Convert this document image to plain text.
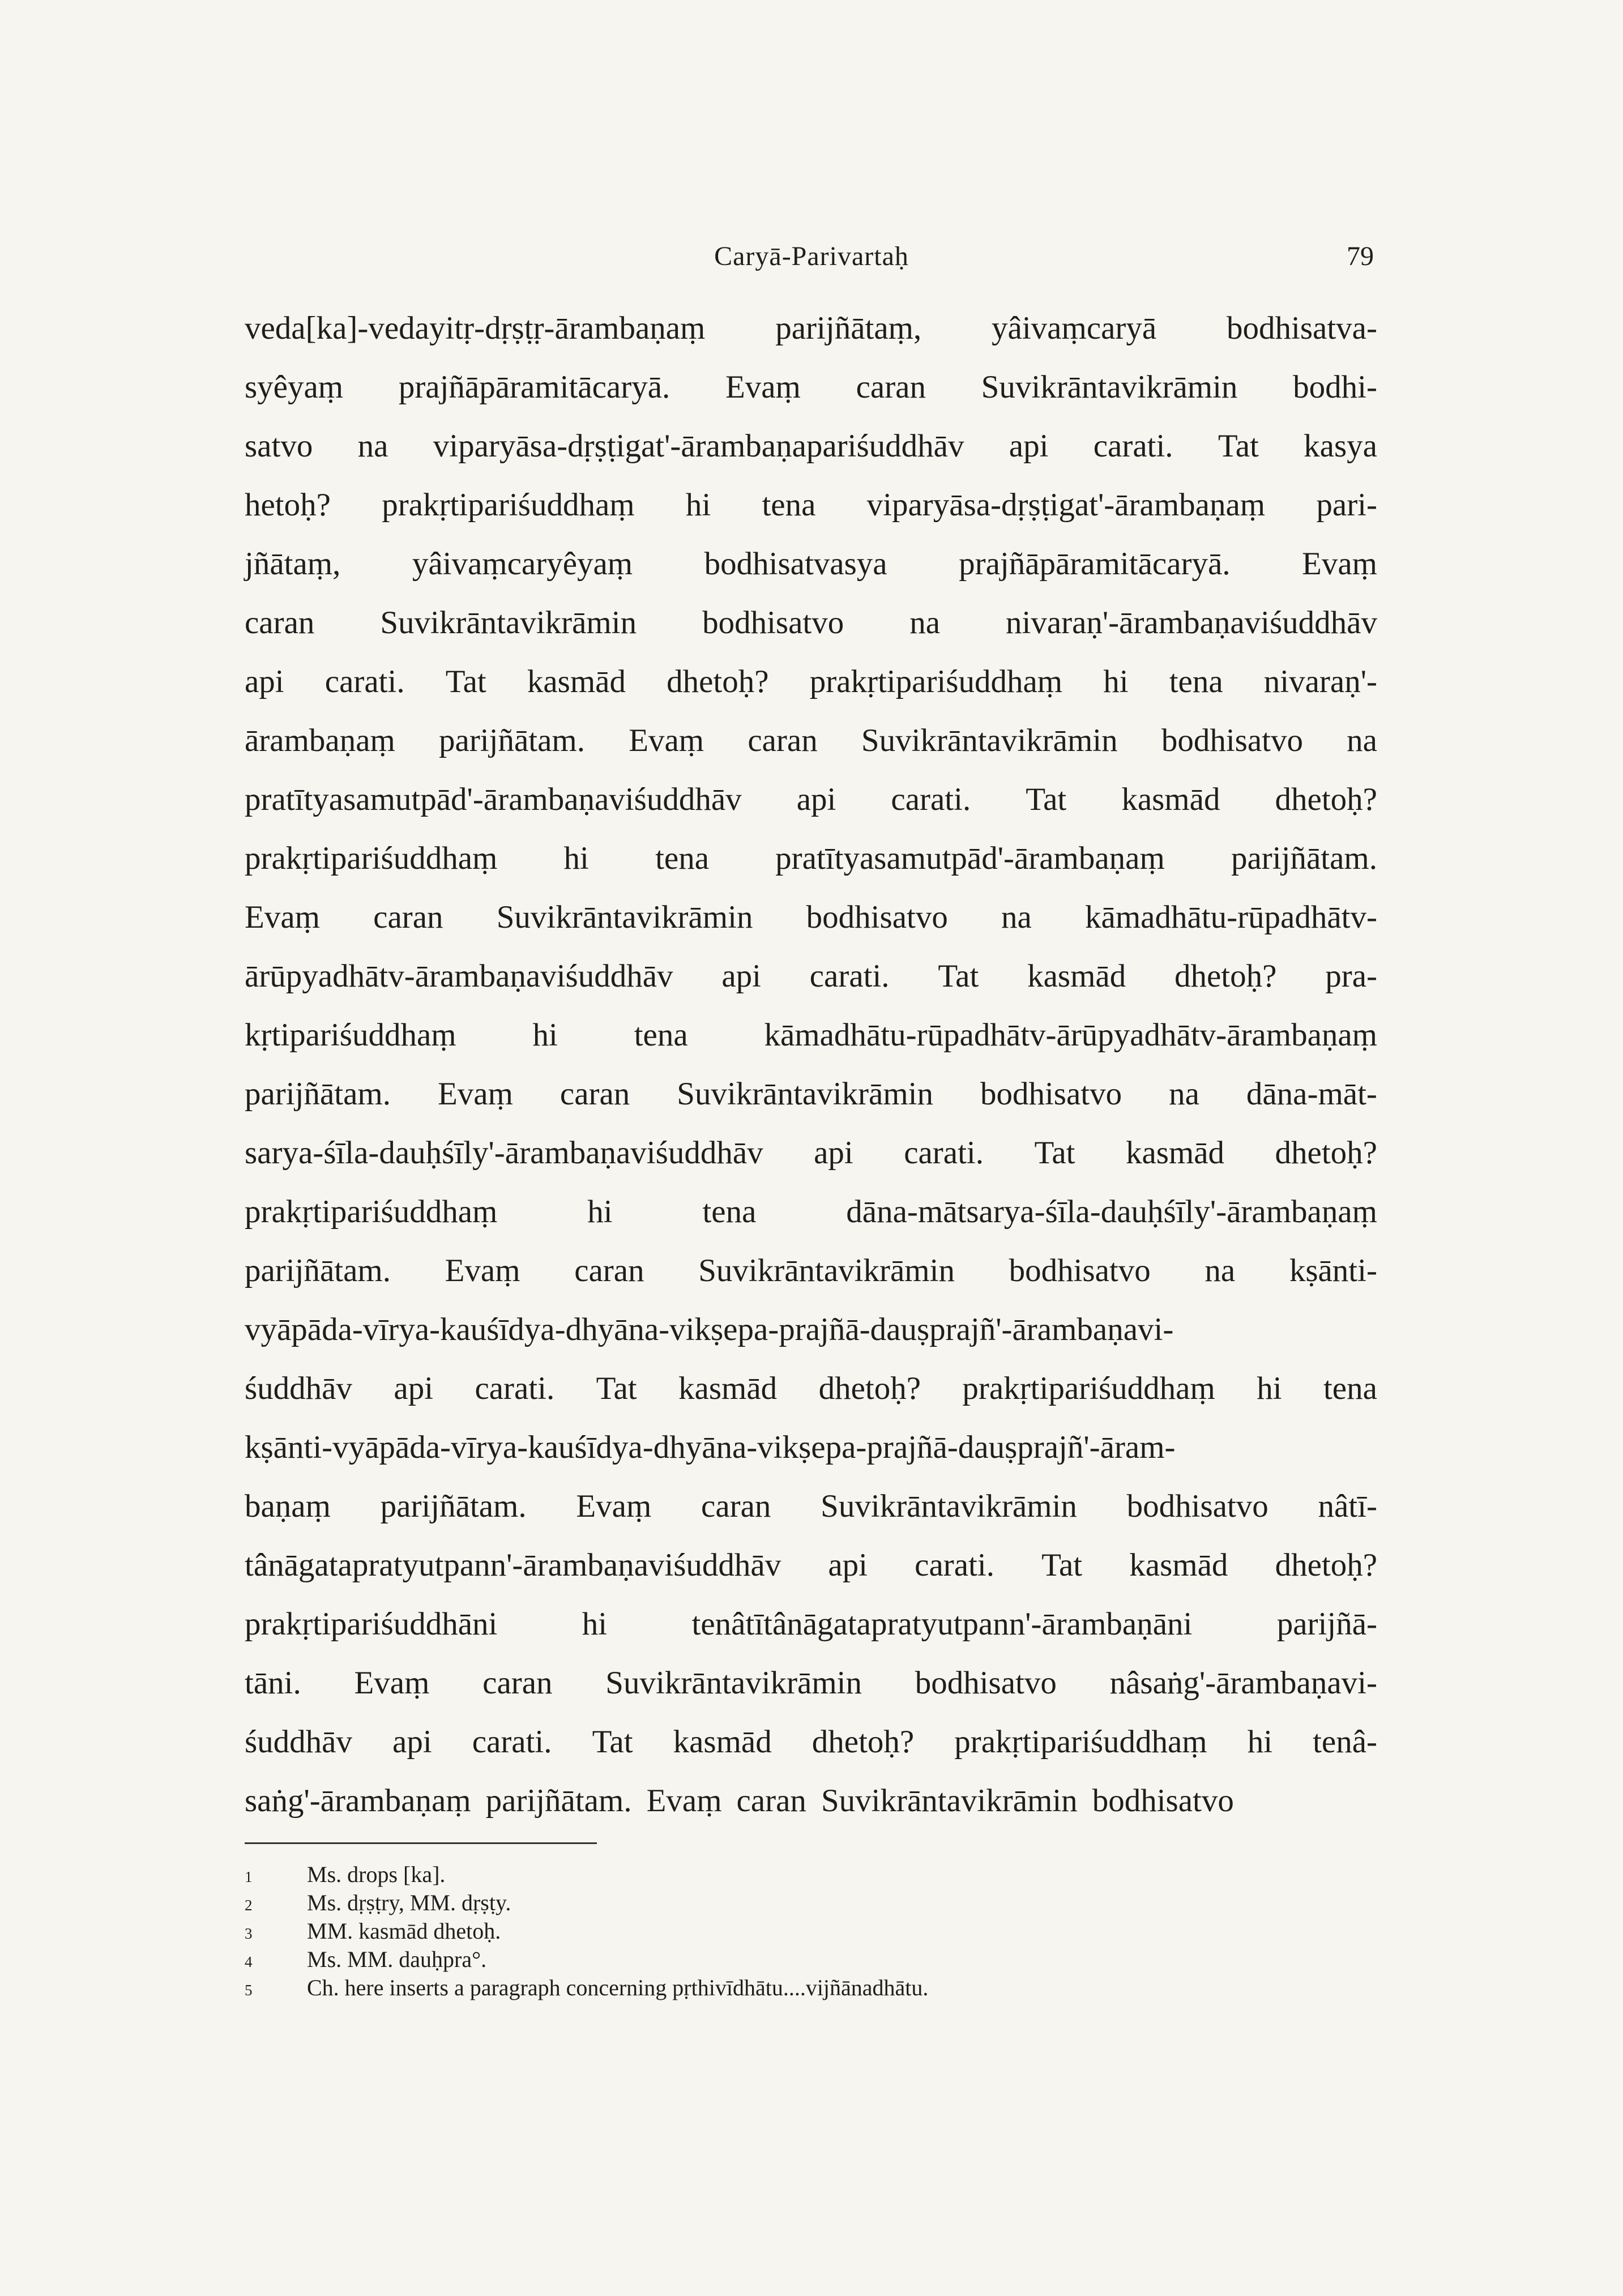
Caryā-Parivartaḥ	79
veda[ka]-vedayitṛ-dṛṣṭṛ-ārambaṇaṃ parijñātaṃ, yâivaṃcaryā bodhisatva-
syêyaṃ prajñāpāramitācaryā. Evaṃ caran Suvikrāntavikrāmin bodhi-
satvo na viparyāsa-dṛṣṭigat'-ārambaṇapariśuddhāv api carati. Tat kasya
hetoḥ? prakṛtipariśuddhaṃ hi tena viparyāsa-dṛṣṭigat'-ārambaṇaṃ pari-
jñātaṃ, yâivaṃcaryêyaṃ bodhisatvasya prajñāpāramitācaryā. Evaṃ
caran Suvikrāntavikrāmin bodhisatvo na nivaraṇ'-ārambaṇaviśuddhāv
api carati. Tat kasmād dhetoḥ? prakṛtipariśuddhaṃ hi tena nivaraṇ'-
ārambaṇaṃ parijñātam. Evaṃ caran Suvikrāntavikrāmin bodhisatvo na
pratītyasamutpād'-ārambaṇaviśuddhāv api carati. Tat kasmād dhetoḥ?
prakṛtipariśuddhaṃ hi tena pratītyasamutpād'-ārambaṇaṃ parijñātam.
Evaṃ caran Suvikrāntavikrāmin bodhisatvo na kāmadhātu-rūpadhātv-
ārūpyadhātv-ārambaṇaviśuddhāv api carati. Tat kasmād dhetoḥ? pra-
kṛtipariśuddhaṃ hi tena kāmadhātu-rūpadhātv-ārūpyadhātv-ārambaṇaṃ
parijñātam. Evaṃ caran Suvikrāntavikrāmin bodhisatvo na dāna-māt-
sarya-śīla-dauḥśīly'-ārambaṇaviśuddhāv api carati. Tat kasmād dhetoḥ?
prakṛtipariśuddhaṃ	hi	tena	dāna-mātsarya-śīla-dauḥśīly'-ārambaṇaṃ
parijñātam. Evaṃ caran Suvikrāntavikrāmin bodhisatvo na kṣānti-
vyāpāda-vīrya-kauśīdya-dhyāna-vikṣepa-prajñā-dauṣprajñ'-ārambaṇavi-
śuddhāv api carati. Tat kasmād dhetoḥ? prakṛtipariśuddhaṃ hi tena
kṣānti-vyāpāda-vīrya-kauśīdya-dhyāna-vikṣepa-prajñā-dauṣprajñ'-āram-
baṇaṃ parijñātam. Evaṃ caran Suvikrāntavikrāmin bodhisatvo nâtī-
tânāgatapratyutpann'-ārambaṇaviśuddhāv api carati. Tat kasmād dhetoḥ?
prakṛtipariśuddhāni	hi	tenâtītânāgatapratyutpann'-ārambaṇāni	parijñā-
tāni. Evaṃ caran Suvikrāntavikrāmin bodhisatvo nâsaṅg'-ārambaṇavi-
śuddhāv api carati. Tat kasmād dhetoḥ? prakṛtipariśuddhaṃ hi tenâ-
saṅg'-ārambaṇaṃ parijñātam. Evaṃ caran Suvikrāntavikrāmin bodhisatvo
1 Ms. drops [ka].
2 Ms. dṛṣṭry, MM. dṛṣṭy.
3 MM. kasmād dhetoḥ.
4 Ms. MM. dauḥpra°.
5 Ch. here inserts a paragraph concerning pṛthivīdhātu....vijñānadhātu.
